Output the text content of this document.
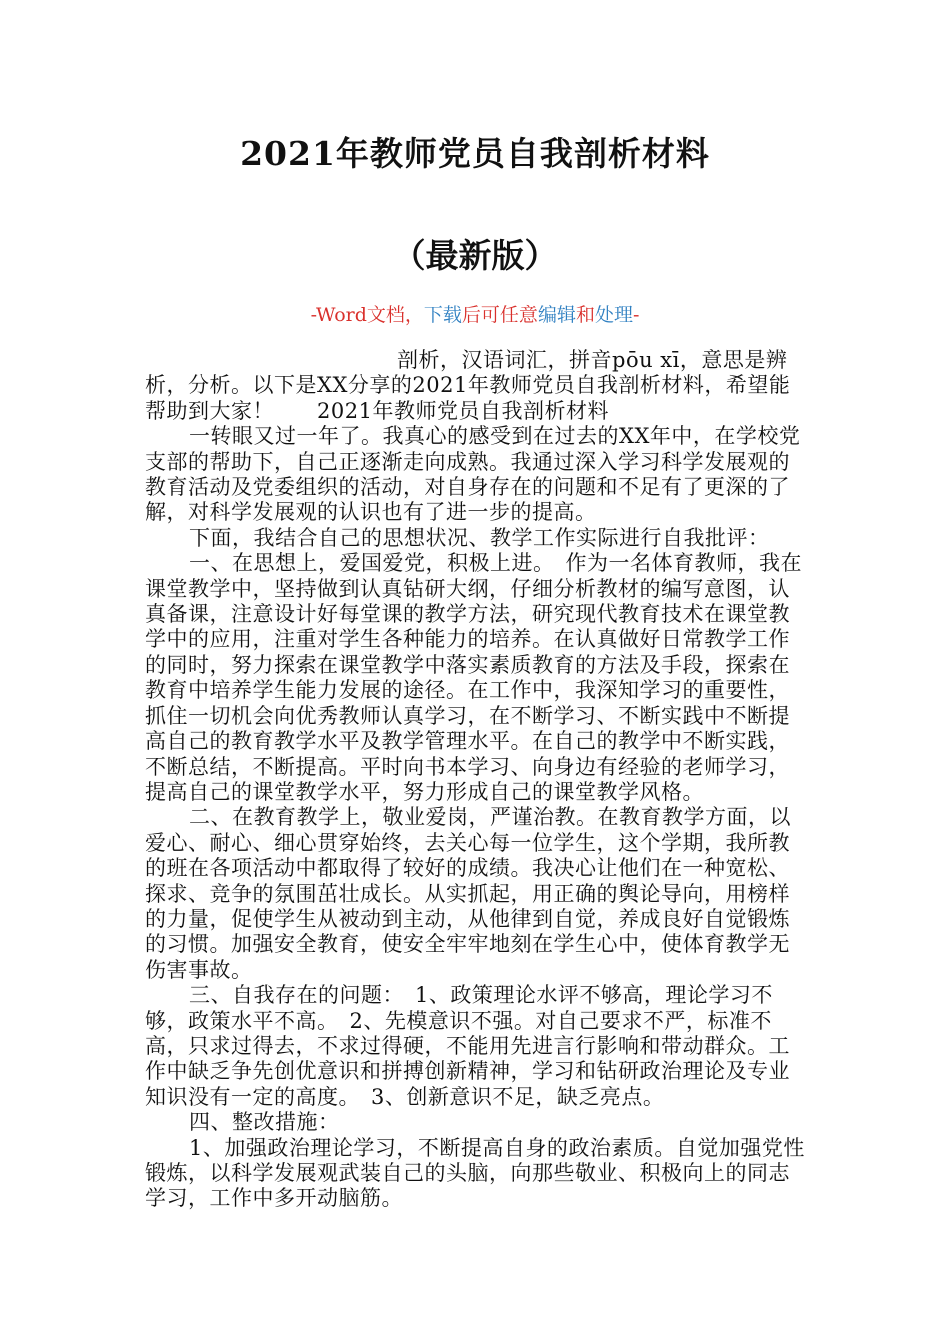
2021年教师党员自我剖析材料
（最新版）
-Word文档，下载后可任意编辑和处理-

剖析，汉语词汇，拼音pōu xī，意思是辨析，分析。以下是XX分享的2021年教师党员自我剖析材料，希望能帮助到大家！　　2021年教师党员自我剖析材料

一转眼又过一年了。我真心的感受到在过去的XX年中，在学校党支部的帮助下，自己正逐渐走向成熟。我通过深入学习科学发展观的教育活动及党委组织的活动，对自身存在的问题和不足有了更深的了解，对科学发展观的认识也有了进一步的提高。

下面，我结合自己的思想状况、教学工作实际进行自我批评：

一、在思想上，爱国爱党，积极上进。　作为一名体育教师，我在课堂教学中，坚持做到认真钻研大纲，仔细分析教材的编写意图，认真备课，注意设计好每堂课的教学方法，研究现代教育技术在课堂教学中的应用，注重对学生各种能力的培养。在认真做好日常教学工作的同时，努力探索在课堂教学中落实素质教育的方法及手段，探索在教育中培养学生能力发展的途径。在工作中，我深知学习的重要性，抓住一切机会向优秀教师认真学习，在不断学习、不断实践中不断提高自己的教育教学水平及教学管理水平。在自己的教学中不断实践，不断总结，不断提高。平时向书本学习、向身边有经验的老师学习，提高自己的课堂教学水平，努力形成自己的课堂教学风格。

二、在教育教学上，敬业爱岗，严谨治教。在教育教学方面，以爱心、耐心、细心贯穿始终，去关心每一位学生，这个学期，我所教的班在各项活动中都取得了较好的成绩。我决心让他们在一种宽松、探求、竞争的氛围茁壮成长。从实抓起，用正确的舆论导向，用榜样的力量，促使学生从被动到主动，从他律到自觉，养成良好自觉锻炼的习惯。加强安全教育，使安全牢牢地刻在学生心中，使体育教学无伤害事故。

三、自我存在的问题：　1、政策理论水评不够高，理论学习不够，政策水平不高。　2、先模意识不强。对自己要求不严，标准不高，只求过得去，不求过得硬，不能用先进言行影响和带动群众。工作中缺乏争先创优意识和拼搏创新精神，学习和钻研政治理论及专业知识没有一定的高度。　3、创新意识不足，缺乏亮点。

四、整改措施：

1、加强政治理论学习，不断提高自身的政治素质。自觉加强党性锻炼，以科学发展观武装自己的头脑，向那些敬业、积极向上的同志学习，工作中多开动脑筋。
